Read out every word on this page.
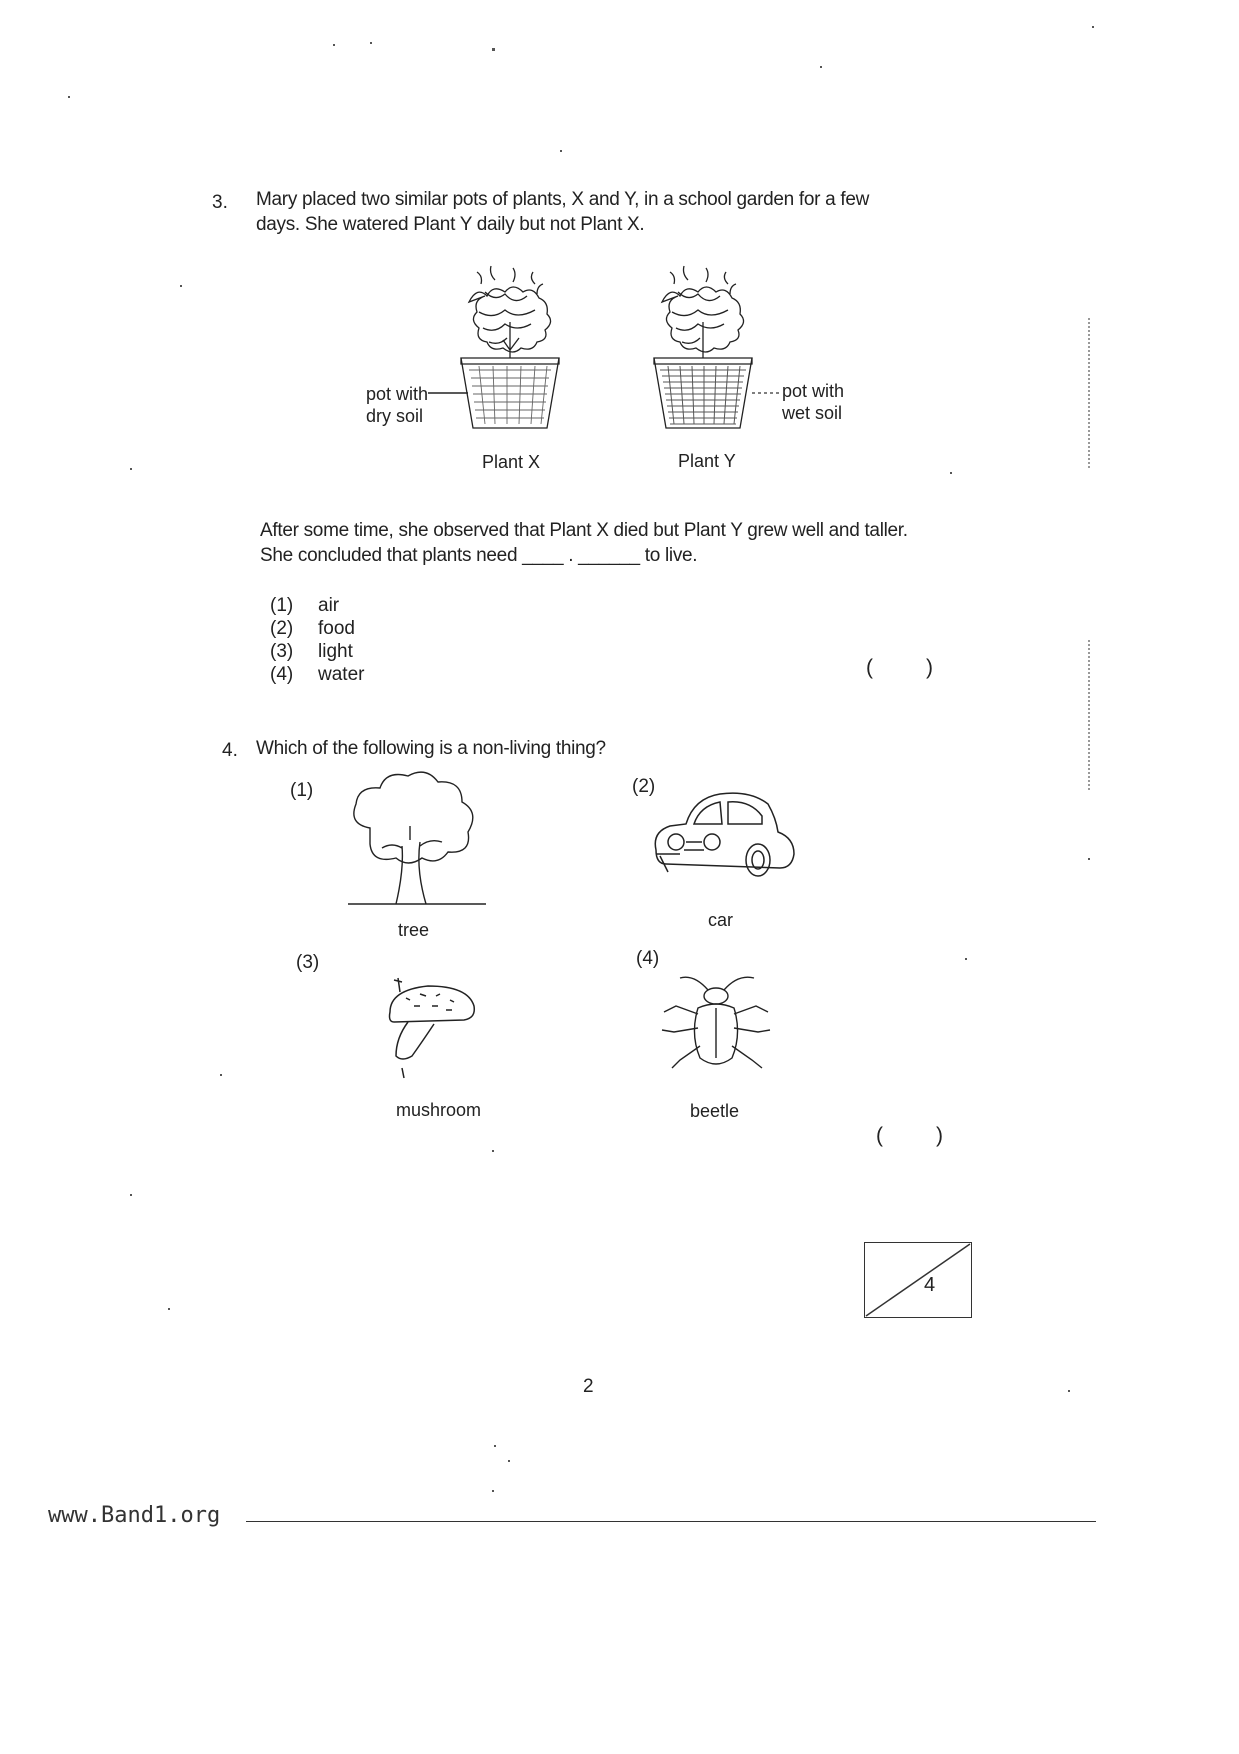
3. Mary placed two similar pots of plants, X and Y, in a school garden for a few
days. She watered Plant Y daily but not Plant X.
pot with
dry soil
Plant X
pot with
wet soil
Plant Y
After some time, she observed that Plant X died but Plant Y grew well and taller.
She concluded that plants need ____ . ______ to live.
(1) air
(2) food
(3) light
(4) water	(	)
4. Which of the following is a non-living thing?
(1)
tree
(2)
car
(3)
mushroom
(4)
beetle
(	)
4
2
www.Band1.org
